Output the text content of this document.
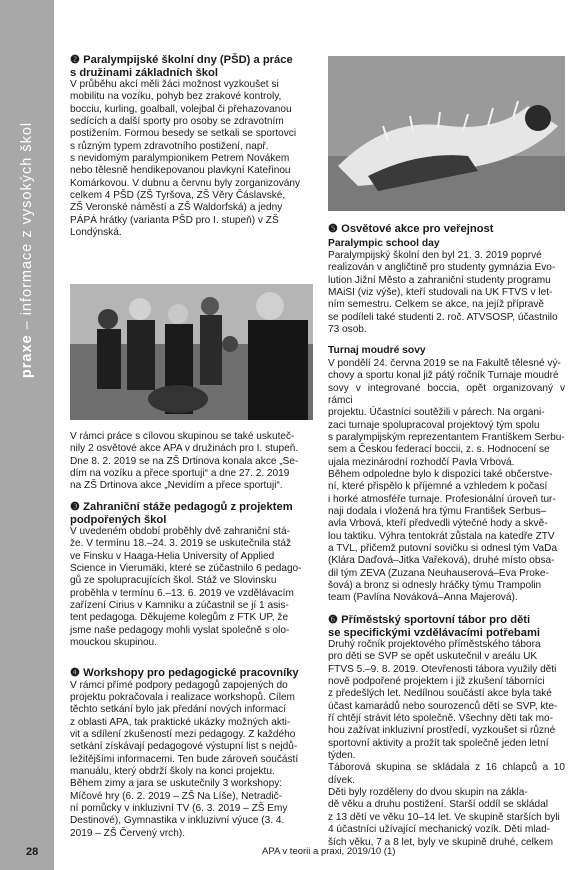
praxe – informace z vysokých škol
❷ Paralympijské školní dny (PŠD) a práce
s družinami základních škol

V průběhu akcí měli žáci možnost vyzkoušet si
mobilitu na vozíku, pohyb bez zrakové kontroly,
bocciu, kurling, goalball, volejbal či přehazovanou
sedících a další sporty pro osoby se zdravotním
postižením. Formou besedy se setkali se sportovci
s různým typem zdravotního postižení, např.
s nevidomým paralympionikem Petrem Novákem
nebo tělesně hendikepovanou plavkyní Kateřinou
Komárkovou. V dubnu a červnu byly zorganizovány
celkem 4 PŠD (ZŠ Tyršova, ZŠ Věry Čáslavské,
ZŠ Veronské náměstí a ZŠ Waldorfská) a jedny
PÁPÁ hrátky (varianta PŠD pro I. stupeň) v ZŠ
Londýnská.

V rámci práce s cílovou skupinou se také uskuteč-
nily 2 osvětové akce APA v družinách pro I. stupeň.
Dne 8. 2. 2019 se na ZŠ Drtinova konala akce „Se-
dím na vozíku a přece sportuji“ a dne 27. 2. 2019
na ZŠ Drtinova akce „Nevidím a přece sportuji“.

❸ Zahraniční stáže pedagogů z projektem
podpořených škol

V uvedeném období proběhly dvě zahraniční stá-
že. V termínu 18.–24. 3. 2019 se uskutečnila stáž
ve Finsku v Haaga-Helia University of Applied
Science in Vierumäki, které se zúčastnilo 6 pedago-
gů ze spolupracujících škol. Stáž ve Slovinsku
proběhla v termínu 6.–13. 6. 2019 ve vzdělávacím
zařízení Cirius v Kamniku a zúčastnil se jí 1 asis-
tent pedagoga. Děkujeme kolegům z FTK UP, že
jsme naše pedagogy mohli vyslat společně s olo-
mouckou skupinou.

❹ Workshopy pro pedagogické pracovníky

V rámci přímé podpory pedagogů zapojených do
projektu pokračovala i realizace workshopů. Cílem
těchto setkání bylo jak předání nových informací
z oblasti APA, tak praktické ukázky možných akti-
vit a sdílení zkušeností mezi pedagogy. Z každého
setkání získávají pedagogové výstupní list s nejdů-
ležitějšími informacemi. Ten bude zároveň součástí
manuálu, který obdrží školy na konci projektu.
Během zimy a jara se uskutečnily 3 workshopy:
Míčové hry (6. 2. 2019 – ZŠ Na Líše), Netradič-
ní pomůcky v inkluzivní TV (6. 3. 2019 – ZŠ Emy
Destinové), Gymnastika v inkluzivní výuce (3. 4.
2019 – ZŠ Červený vrch).

❺ Osvětové akce pro veřejnost
Paralympic school day

Paralympijský školní den byl 21. 3. 2019 poprvé
realizován v angličtině pro studenty gymnázia Evo-
lution Jižní Město a zahraniční studenty programu
MAiSI (viz výše), kteří studovali na UK FTVS v let-
ním semestru. Celkem se akce, na jejíž přípravě
se podíleli také studenti 2. roč. ATVSOSP, účastnilo
73 osob.

Turnaj moudré sovy

V pondělí 24. června 2019 se na Fakultě tělesné vý-
chovy a sportu konal již pátý ročník Turnaje moudré
sovy v integrované boccia, opět organizovaný v rámci
projektu. Účastníci soutěžili v párech. Na organi-
zaci turnaje spolupracoval projektový tým spolu
s paralympijským reprezentantem Františkem Serbu-
sem a Českou federací boccii, z. s. Hodnocení se
ujala mezinárodní rozhodčí Pavla Vrbová.
Během odpoledne bylo k dispozici také občerstve-
ní, které přispělo k příjemné a vzhledem k počasí
i horké atmosféře turnaje. Profesionální úroveň tur-
naji dodala i vložená hra týmu František Serbus–
avla Vrbová, kteří předvedli výtečné hody a skvě-
lou taktiku. Výhra tentokrát zůstala na katedře ZTV
a TVL, přičemž putovní sovičku si odnesl tým VaDa
(Klára Daďová–Jitka Vařeková), druhé místo obsa-
dil tým ZEVA (Zuzana Neuhauserová–Eva Proke-
šová) a bronz si odnesly hráčky týmu Trampolin
team (Pavlína Nováková–Anna Majerová).

❻ Příměstský sportovní tábor pro děti
se specifickými vzdělávacími potřebami

Druhý ročník projektového příměstského tábora
pro děti se SVP se opět uskutečnil v areálu UK
FTVS 5.–9. 8. 2019. Otevřenosti tábora využily děti
nově podpořené projektem i již zkušení táborníci
z předešlých let. Nedílnou součástí akce byla také
účast kamarádů nebo sourozenců dětí se SVP, kte-
ří chtějí strávit léto společně. Všechny děti tak mo-
hou zažívat inkluzivní prostředí, vyzkoušet si různé
sportovní aktivity a prožít tak společně jeden letní
týden.
Táborová skupina se skládala z 16 chlapců a 10 dívek.
Děti byly rozděleny do dvou skupin na zákla-
dě věku a druhu postižení. Starší oddíl se skládal
z 13 dětí ve věku 10–14 let. Ve skupině starších byli
4 účastníci užívající mechanický vozík. Děti mlad-
ších věku, 7 a 8 let, byly ve skupině druhé, celkem

28	APA v teorii a praxi, 2019/10 (1)
